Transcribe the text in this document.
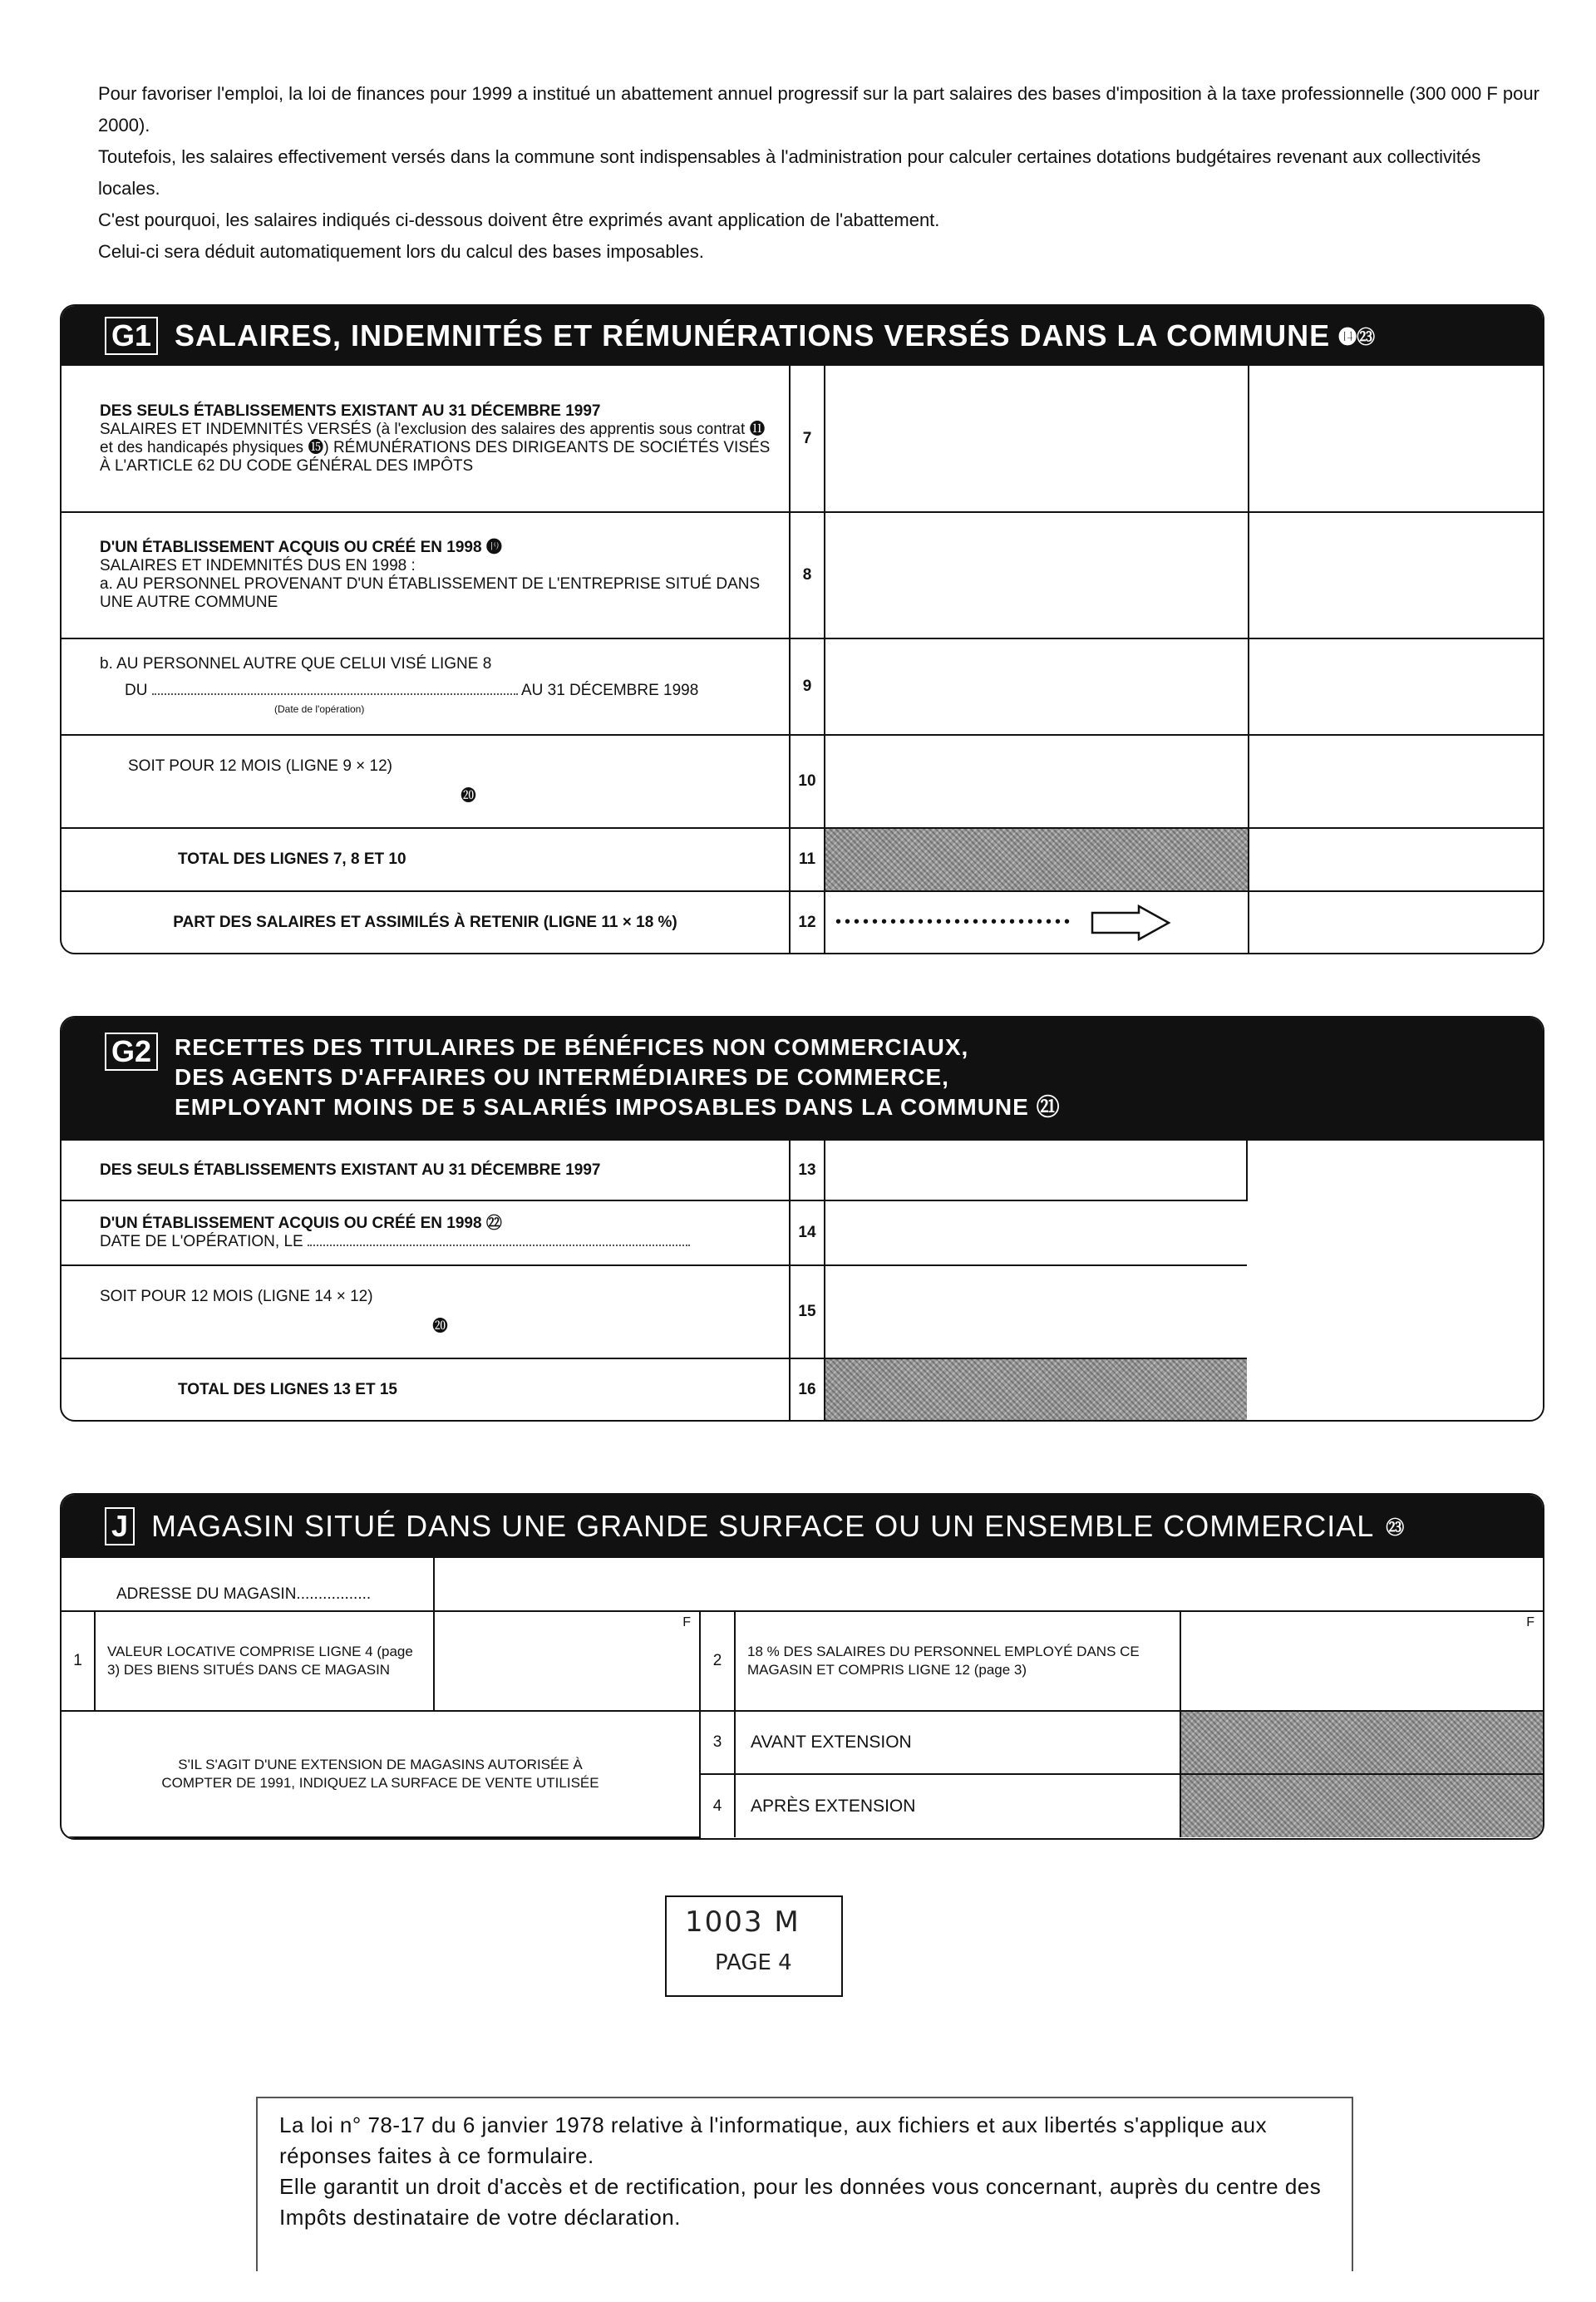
Pour favoriser l'emploi, la loi de finances pour 1999 a institué un abattement annuel progressif sur la part salaires des bases d'imposition à la taxe professionnelle (300 000 F pour 2000).

Toutefois, les salaires effectivement versés dans la commune sont indispensables à l'administration pour calculer certaines dotations budgétaires revenant aux collectivités locales.

C'est pourquoi, les salaires indiqués ci-dessous doivent être exprimés avant application de l'abattement.

Celui-ci sera déduit automatiquement lors du calcul des bases imposables.

G1 SALAIRES, INDEMNITÉS ET RÉMUNÉRATIONS VERSÉS DANS LA COMMUNE ⓮㉓
DES SEULS ÉTABLISSEMENTS EXISTANT AU 31 DÉCEMBRE 1997
SALAIRES ET INDEMNITÉS VERSÉS (à l'exclusion des salaires des apprentis sous contrat ⓫ et des handicapés physiques ⓯) RÉMUNÉRATIONS DES DIRIGEANTS DE SOCIÉTÉS VISÉS À L'ARTICLE 62 DU CODE GÉNÉRAL DES IMPÔTS	7		

D'UN ÉTABLISSEMENT ACQUIS OU CRÉÉ EN 1998 ⓳
SALAIRES ET INDEMNITÉS DUS EN 1998 :
a. AU PERSONNEL PROVENANT D'UN ÉTABLISSEMENT DE L'ENTREPRISE SITUÉ DANS UNE AUTRE COMMUNE	8		

b. AU PERSONNEL AUTRE QUE CELUI VISÉ LIGNE 8
DU AU 31 DÉCEMBRE 1998
(Date de l'opération)	9		

SOIT POUR 12 MOIS (LIGNE 9 × 12)
⓴	10		
TOTAL DES LIGNES 7, 8 ET 10	11		
PART DES SALAIRES ET ASSIMILÉS À RETENIR (LIGNE 11 × 18 %)	12	••••••••••••••••••••••••••	
G2 RECETTES DES TITULAIRES DE BÉNÉFICES NON COMMERCIAUX,
DES AGENTS D'AFFAIRES OU INTERMÉDIAIRES DE COMMERCE,
EMPLOYANT MOINS DE 5 SALARIÉS IMPOSABLES DANS LA COMMUNE ㉑
DES SEULS ÉTABLISSEMENTS EXISTANT AU 31 DÉCEMBRE 1997	13		

D'UN ÉTABLISSEMENT ACQUIS OU CRÉÉ EN 1998 ㉒
DATE DE L'OPÉRATION, LE	14		

SOIT POUR 12 MOIS (LIGNE 14 × 12)
⓴	15		
TOTAL DES LIGNES 13 ET 15	16		
J MAGASIN SITUÉ DANS UNE GRANDE SURFACE OU UN ENSEMBLE COMMERCIAL ㉓
ADRESSE DU MAGASIN.................					
1	VALEUR LOCATIVE COMPRISE LIGNE 4 (page 3) DES BIENS SITUÉS DANS CE MAGASIN	F	2	18 % DES SALAIRES DU PERSONNEL EMPLOYÉ DANS CE MAGASIN ET COMPRIS LIGNE 12 (page 3)	F
S'IL S'AGIT D'UNE EXTENSION DE MAGASINS AUTORISÉE À COMPTER DE 1991, INDIQUEZ LA SURFACE DE VENTE UTILISÉE			3	AVANT EXTENSION	
			4	APRÈS EXTENSION	
1003 M
PAGE 4

La loi n° 78-17 du 6 janvier 1978 relative à l'informatique, aux fichiers et aux libertés s'applique aux réponses faites à ce formulaire.

Elle garantit un droit d'accès et de rectification, pour les données vous concernant, auprès du centre des Impôts destinataire de votre déclaration.
